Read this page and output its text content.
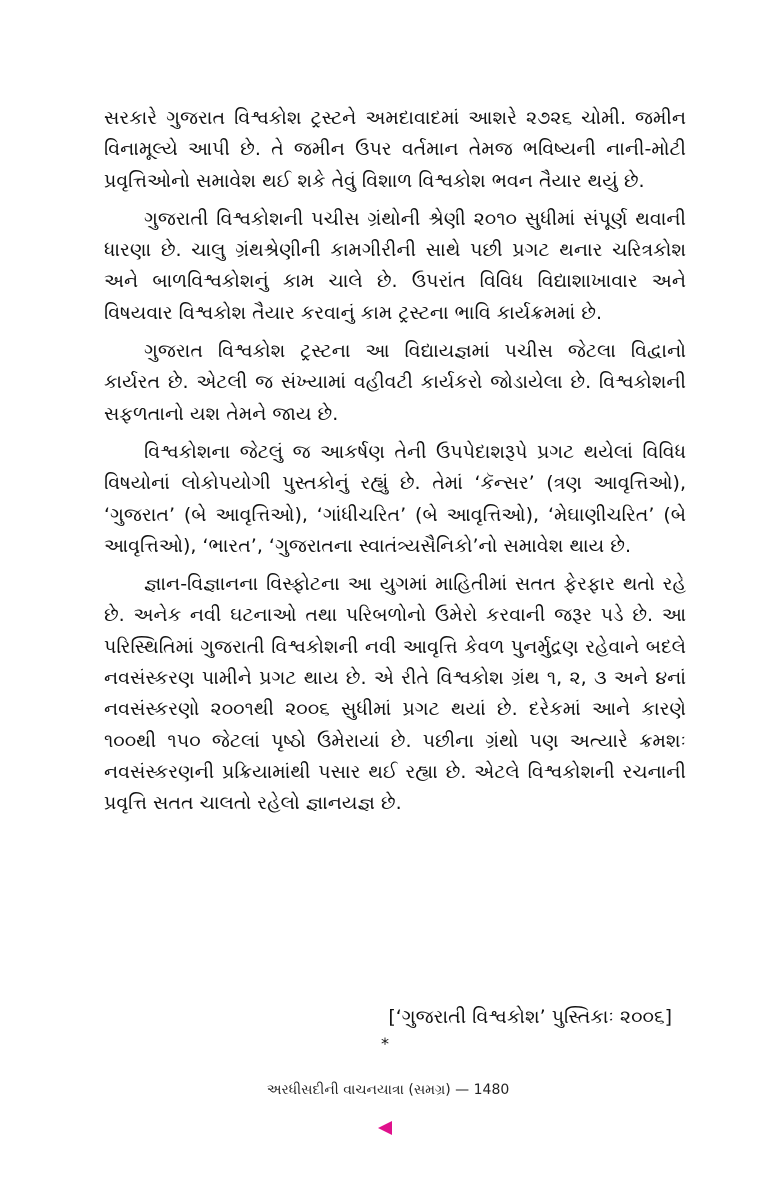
સરકારે ગુજરાત વિશ્વકોશ ટ્રસ્ટને અમદાવાદમાં આશરે ૨૭૨૬ ચોમી. જમીન વિનામૂલ્યે આપી છે. તે જમીન ઉપર વર્તમાન તેમજ ભવિષ્યની નાની-મોટી પ્રવૃત્તિઓનો સમાવેશ થઈ શકે તેવું વિશાળ વિશ્વકોશ ભવન તૈયાર થયું છે.

ગુજરાતી વિશ્વકોશની પચીસ ગ્રંથોની શ્રેણી ૨૦૧૦ સુધીમાં સંપૂર્ણ થવાની ધારણા છે. ચાલુ ગ્રંથશ્રેણીની કામગીરીની સાથે પછી પ્રગટ થનાર ચરિત્રકોશ અને બાળવિશ્વકોશનું કામ ચાલે છે. ઉપરાંત વિવિધ વિદ્યાશાખાવાર અને વિષયવાર વિશ્વકોશ તૈયાર કરવાનું કામ ટ્રસ્ટના ભાવિ કાર્યક્રમમાં છે.

ગુજરાત વિશ્વકોશ ટ્રસ્ટના આ વિદ્યાયજ્ઞમાં પચીસ જેટલા વિદ્વાનો કાર્યરત છે. એટલી જ સંખ્યામાં વહીવટી કાર્યકરો જોડાયેલા છે. વિશ્વકોશની સફળતાનો યશ તેમને જાય છે.

વિશ્વકોશના જેટલું જ આકર્ષણ તેની ઉપપેદાશરૂપે પ્રગટ થયેલાં વિવિધ વિષયોનાં લોકોપયોગી પુસ્તકોનું રહ્યું છે. તેમાં ‘કૅન્સર’ (ત્રણ આવૃત્તિઓ), ‘ગુજરાત’ (બે આવૃત્તિઓ), ‘ગાંધીચરિત’ (બે આવૃત્તિઓ), ‘મેઘાણીચરિત’ (બે આવૃત્તિઓ), ‘ભારત’, ‘ગુજરાતના સ્વાતંત્ર્યસૈનિકો’નો સમાવેશ થાય છે.

જ્ઞાન-વિજ્ઞાનના વિસ્ફોટના આ યુગમાં માહિતીમાં સતત ફેરફાર થતો રહે છે. અનેક નવી ઘટનાઓ તથા પરિબળોનો ઉમેરો કરવાની જરૂર પડે છે. આ પરિસ્થિતિમાં ગુજરાતી વિશ્વકોશની નવી આવૃત્તિ કેવળ પુનર્મુદ્રણ રહેવાને બદલે નવસંસ્કરણ પામીને પ્રગટ થાય છે. એ રીતે વિશ્વકોશ ગ્રંથ ૧, ૨, ૩ અને ૪નાં નવસંસ્કરણો ૨૦૦૧થી ૨૦૦૬ સુધીમાં પ્રગટ થયાં છે. દરેકમાં આને કારણે ૧૦૦થી ૧૫૦ જેટલાં પૃષ્ઠો ઉમેરાયાં છે. પછીના ગ્રંથો પણ અત્યારે ક્રમશઃ નવસંસ્કરણની પ્રક્રિયામાંથી પસાર થઈ રહ્યા છે. એટલે વિશ્વકોશની રચનાની પ્રવૃત્તિ સતત ચાલતો રહેલો જ્ઞાનયજ્ઞ છે.

[‘ગુજરાતી વિશ્વકોશ’ પુસ્તિકાઃ ૨૦૦૬]
*
અરધીસદીની વાચનયાત્રા (સમગ્ર) — 1480
